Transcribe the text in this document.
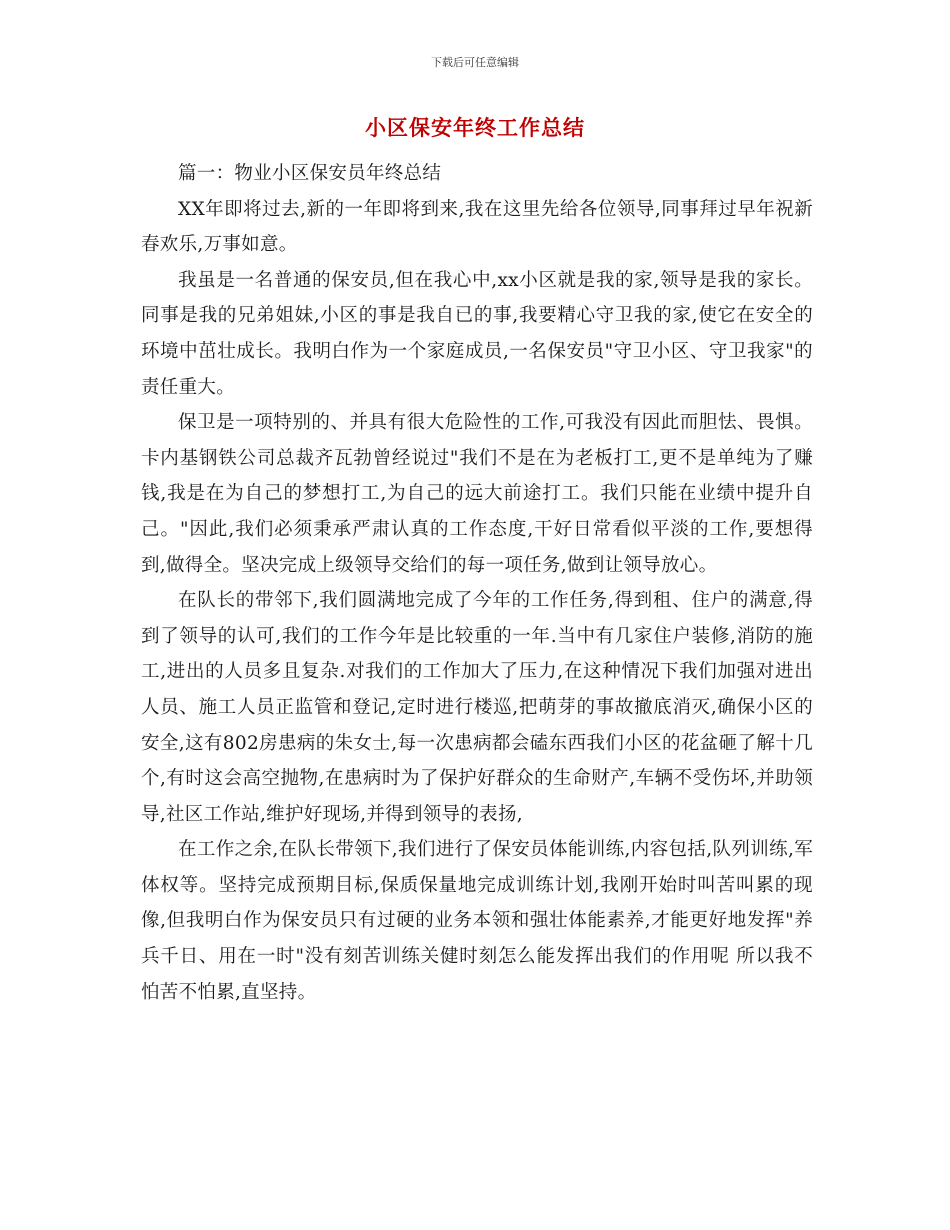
下载后可任意编辑
小区保安年终工作总结

篇一：物业小区保安员年终总结

XX年即将过去,新的一年即将到来,我在这里先给各位领导,同事拜过早年祝新春欢乐,万事如意。

我虽是一名普通的保安员,但在我心中,xx小区就是我的家,领导是我的家长。同事是我的兄弟姐妹,小区的事是我自已的事,我要精心守卫我的家,使它在安全的环境中茁壮成长。我明白作为一个家庭成员,一名保安员"守卫小区、守卫我家"的责任重大。

保卫是一项特别的、并具有很大危险性的工作,可我没有因此而胆怯、畏惧。卡内基钢铁公司总裁齐瓦勃曾经说过"我们不是在为老板打工,更不是单纯为了赚钱,我是在为自己的梦想打工,为自己的远大前途打工。我们只能在业绩中提升自己。"因此,我们必须秉承严肃认真的工作态度,干好日常看似平淡的工作,要想得到,做得全。坚决完成上级领导交给们的每一项任务,做到让领导放心。

在队长的带邻下,我们圆满地完成了今年的工作任务,得到租、住户的满意,得到了领导的认可,我们的工作今年是比较重的一年.当中有几家住户装修,消防的施工,进出的人员多且复杂.对我们的工作加大了压力,在这种情况下我们加强对进出人员、施工人员正监管和登记,定时进行楼巡,把萌芽的事故撤底消灭,确保小区的安全,这有802房患病的朱女士,每一次患病都会磕东西我们小区的花盆砸了解十几个,有时这会高空抛物,在患病时为了保护好群众的生命财产,车辆不受伤坏,并助领导,社区工作站,维护好现场,并得到领导的表扬,

在工作之余,在队长带领下,我们进行了保安员体能训练,内容包括,队列训练,军体权等。坚持完成预期目标,保质保量地完成训练计划,我刚开始时叫苦叫累的现像,但我明白作为保安员只有过硬的业务本领和强壮体能素养,才能更好地发挥"养兵千日、用在一时"没有刻苦训练关健时刻怎么能发挥出我们的作用呢 所以我不怕苦不怕累,直坚持。
